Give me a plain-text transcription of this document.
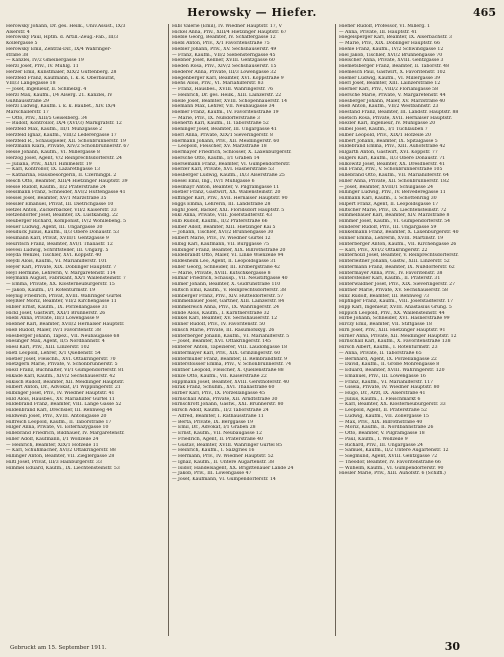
Herowsky — Hiefer.	465
Herowsky Johann, Dr. ges. Heilk., Univ.Assist., IX/3
Alserstr. 4
Herowsky Paul, Hptm. d. Artill.-Zeug.-Fab., III/3
Kollergasse 5
Herowsky Emil, Zentral-Dir., IX/4 Währinger-
straße 38
— Kanzlei, IV/2 Gmeinergasse 19
Herzl Josef, Priv., IV. Mühlg. 11
Herzer Emil, Kunstmaler, XIX/2 Guttenberg. 28
Herzfeld Franz, Kaufmann, I. k. k. Oberbaurat,
VIII/3 Langegasse 18
— Josef, Ingenieur, II. Schmelzg. 4
Herzl Max, Kaufm., I/4 Alserg. 21. Kanzlei, IV
Gußhausstraße 29
Herzl Ludwig, Kaufm. i. k. k. Baubet., XIV. IX/4
Marschallerstr. 17
— Otto, Priv., XIII/5 Geiselberg. 34
— Rudolf, Kontrollor, IX/4 (XVI/3) Markgrafstr. 12
Herzfeld Max, Kaufm., III/1 Münzgasse 2
Herzfeld Ignaz, Kaufm., VIII/2 Lederergasse 17
Herzfeld R., Schauspieler, XII. Schönbrunnerstr. 19
Herzmann Klara, Private, XIV/2 Schönbrunnerstr. 67
Hesse Johann, Kaufm., VI. Millergasse 8
Herzog Josef, Agent, V/2 Reinprechtsdorferstr. 24
— Juliana, Priv., XIX/1 Himmelstr. 19
— Karl, Kontrollor, IX. Lazarethgasse 13
— Katharina, Hausbesorgerin, II. Czerningpl. 2
Hesch Otto, Beamter, XIII/4 Hietzinger Hauptstr. 39
Hesse Rudolf, Kaufm., II/2 Praterstraße 24
Hessmann Franz, Schneider, XVI/2 Huttengasse 41
Hessel Josef, Beamter, XV/1 Märzstraße 35
Hessler Emanuel, Privat, III. Dietrichgasse 10
Hetzel Anton, Zuckerbäcker, VII/2 Kaiserstr. 33
Hetzendorfer Josef, Beamter, IX. Lustkandlg. 22
Heuberger Richard, Komponist, IV/2 Wohllebeng. 5
Heuer Ludwig, Agent, III. Ungargasse 30
Heuduck Julius, Kaufm., II/3 Obere Donaustr. 53
Heumann Karl, Privat, XVIII/1 Gentzgasse 9
Heuritsch Franz, Beamter, XVI/1 Thaliastr. 12
Hevesi Ludwig, Schriftsteller, III. Ungarg. 5
Heyda Wenzel, Tischler, XVI. Koppstr. 40
Heydl Alois, Kaufm., VI. Mariahilferstr. 101
Heyer Karl, Private, XIX. Döblinger Hauptstr. 7
Heyl Hermine, Lehrerin, V. Margaretenstr. 114
Heymann August, Fabrikant, XX/1 Wallensteinstr. 7
— Emma, Private, XX. Klosterneuburgerstr. 15
— Jakob, Kaufm., I/1 Rotenturmstr. 19
Heynig Friedrich, Privat, XVIII. Währinger Gürtel
Heyßler Moriz, Beamter, VII/2 Kirchengasse 11
Hibler Ernst, Kaufm., IX. Porzellangasse 31
Hickl Josef, Gastwirt, XXI/1 Brünnerstr. 26
Hiebl Anna, Private, III/3 Löwengasse 9
Hiebner Karl, Beamter, XVII/2 Hernalser Hauptstr.
Hieß Rudolf, Maler, IV/1 Favoritenstr. 38
Hiesberger Johann, Tapez., VII. Neubaugasse 68
Hiesinger Max, Agent, II/5 Nordbahnstr. 4
Hiesl Karl, Priv., XIII. Linzerstr. 102
Hietl Leopold, Lehrer, X/1 Quellenstr. 54
Hietler Josef, Fleischh., XVI. Ottakringerstr. 70
Hietzgern Marie, Private, V. Schönbrunnerstr. 5
Hiezl Franz, Buchhalter, VI/1 Gumpendorferstr. 81
Hikade Karl, Kaufm., XIV/2 Sechshauserstr. 42
Hikisch Rudolf, Beamter, XII. Meidlinger Hauptstr.
Hilbert Anton, Dr., Advokat, I/1 Wipplingerstr. 21
Hilbinger Josef, Priv., IV. Wiedner Hauptstr. 41
Hild Alois, Hausbes., XV. Mariahilfer Gürtel 11
Hildebrand Franz, Beamter, VIII. Lange Gasse 52
Hildenbrand Karl, Drechsler, III. Rennweg 44
Hildwein Josef, Priv., XVIII. Antonigasse 20
Hilfreich Leopold, Kaufm., II. Taborstraße 17
Hilger Anna, Private, VI. Esterhazygasse 10
Hillebrand Friedrich, Bildhauer, IV. Margaretenstr.
Hiller Adolf, Kaufmann, I/1 Wollzeile 24
— Heinrich, Beamter, XIX/1 Hofzeile 11
— Karl, Schuhmacher, XVI/2 Ottakringerstr. 88
Hillinger Anton, Beamter, VII. Zieglergasse 28
Hiltl Josef, Privat, III/3 Hainburgerstr. 33
Himmel Eduard, Kaufm., IX. Liechtensteinstr. 53
Hibl Valerie (Emil), IV. Wiedner Hauptstr. 17, V
Hickel Anna, Priv., XIII/4 Hietzinger Hauptstr. 67
Hieble Georg, Beamter, IV. Schäffergasse 12
Hiebl Anton, Priv., X/1 Favoritenstraße 75
Hiebler Johann, Priv., XV. Sechshauserstr. 49
— Franz, Kaufm., VII/2 Siebensterngasse 45
Hiebner Josef, Kellner, XVIII. Gentzgasse 60
Hieden Rosa, Priv., XIV/2 Sechshauserstr. 15
Hiederer Anna, Private, III/3 Löwengasse 32
Hiegenberger Karl, Beamter, XVI. Koppstraße 9
Hiehs Alois, Priv., VI. Mariahilferstr. 83
— Franz, Hausbes., XVIII. Währingerstr. 76
— Heinrich, Dr. ges. Heilk., XIII. Lainzerstr. 22
Hielle Josef, Beamter, XVIII. Schopenhauerstr. 14
Hiemann Max, Lehrer, VII. Neubaugasse 34
Hiemer Franz, Kaufm., IV. Favoritenstraße 19
— Marie, Priv., IX. Nußdorferstraße 3
Hienerth Karl, Kaufm., II. Taborstraße 52
Hieninger Josef, Beamter, III. Ungargasse 41
Hierl Anna, Private, XIX/1 Sieveringerstr. 8
Hiermann Johann, Priv., XII. Meidlingerstr. 60
— Leopold, Fleischer, XV. Märzstraße 18
Hiermayer Friedrich, Schlosser, X. Laxenburgerstr.
Hiersche Otto, Kaufm., I/1 Graben 14
Hiersemann Franz, Beamter, VI. Gumpendorferstr.
Hierzer Karl, Private, XVI. Hasnerstraße 53
Hiesberger Ludwig, Kaufm., IX/3 Alserstraße 25
Hiesel Emil, Ing., IV/1 Mühlgasse 6
Hiesmayr Anton, Beamter, V. Pilgramgasse 11
Hietler Franz, Gastwirt, XX. Wallensteinstr. 20
Hiffinger Karl, Priv., XVII. Hernalser Hauptstr. 90
Higgs Emma, Lehrerin, III. Landstraße 28
Highl Josef, Bäcker, XXI. Floridsdorf Hauptstr. 5
Hikl Anna, Private, VIII. Josefstädterstr. 43
Hilb Rudolf, Kaufm., II/2 Praterstraße 66
Hilber Adolf, Beamter, XIII. Hietzinger Kai 5
— Johann, Tischler, XVI/2 Brunnengasse 30
Hilbert Marie, Priv., IV. Wiedner Gürtel 12
Hilbig Karl, Kaufmann, VII. Burggasse 75
Hilbinger Franz, Beamter, XIX. Billrothstraße 20
Hildebrandt Otto, Maler, VI. Linke Wienzeile 94
Hildesheim Leo, Agent, II. Leopoldsgasse 31
Hiller Georg, Schneider, III. Erdbergstraße 42
— Marie, Private, XVIII. Kutschkergasse 8
Hilmar Friedrich, Schausp., VII. Neustiftgasse 40
Hilmer Johann, Beamter, X. Gudrunstraße 110
Hiltsch Emil, Kaufm., V. Reinprechtsdorferstr. 38
Himberger Franz, Priv., XIV. Hütteldorferstr. 57
Himmelbauer Josef, Gärtner, XIII. Lainzerstr. 84
Himmelreich Anna, Priv., IX. Währingerstr. 24
Hinde Alois, Kaufm., I. Kärntnerstraße 32
Hinkel Karl, Beamter, XV. Sechshauserstr. 12
Hinner Rudolf, Priv., IV. Favoritenstr. 50
Hinsch Marie, Private, III. Rasumofskyg. 26
Hinterberger Johann, Kaufm., VI. Mariahilferstr. 5
— Josef, Beamter, XVI. Ottakringerstr. 145
Hinterer Anton, Tapezierer, VIII. Laudongasse 18
Hintermayer Karl, Priv., XIX. Grinzingerstr. 60
Hintermüller Franz, Beamter, II. Rembrandtstr. 9
Hinterstoisser Emma, Priv., V. Schönbrunnerstr. 74
Hintner Leopold, Fleischer, X. Quellenstraße 88
Hinze Otto, Kaufm., VII. Kaiserstraße 22
Hippmann Josef, Beamter, XVIII. Gersthoferstr. 40
Hirak Franz, Schuhm., XVI. Thaliastraße 60
Hirber Karl, Priv., IX. Porzellangasse 45
Hirnschall Anna, Private, XII. Arndtstraße 30
Hirnschrott Johann, Gastw., XXI. Brünnerstr. 80
Hirsch Adolf, Kaufm., II/2 Taborstraße 24
— Alfred, Beamter, I. Rathausstraße 11
— Berta, Private, IX. Berggasse 19
— Emil, Dr., Advokat, I/1 Graben 28
— Ernst, Kaufm., VII. Neubaugasse 12
— Friedrich, Agent, II. Praterstraße 40
— Gustav, Beamter, XVIII. Währinger Gürtel 85
— Heinrich, Kaufm., I. Salzgries 16
— Hermann, Priv., IV. Wiedner Hauptstr. 52
— Ignaz, Kaufm., II. Untere Augartenstr. 38
— Isidor, Handelsagent, XX. Brigittenauer Lände 24
— Jakob, Priv., III. Löwengasse 47
— Josef, Kaufmann, VI. Gumpendorferstr. 14
Hiefler Rudolf, Professor, VI. Millerg. 1
— Anna, Private, III. Hauptstr. 41
Hiegelsperger Karl, Beamter, IX. Alserbachstr. 3
— Marie, Priv., XIX. Döblinger Hauptstr. 66
Hiehle Franz, Kaufm., IV/2 Schwindgasse 12
Hiel Jakob, Tischler, XVI/2 Brunnengasse 70
Hielscher Anna, Private, XVIII. Gentzgasse 3
Hiemetsberger Franz, Beamter, II. Taborstr. 48
Hiemesch Paul, Gastwirt, X. Favoritenstr. 102
Hiemer Ludwig, Kaufm., VI. Millergasse 39
Hierl Josef, Beamter, XIII. Lainzerstraße 12
Hierner Karl, Priv., VIII/2 Florianigasse 58
Hiersche Marie, Private, V. Margaretenstr. 44
Hiesberger Johann, Maler, XV. Märzstraße 40
Hieß Anton, Kaufm., VII/2 Westbahnstr. 23
Hiestand Franz, Beamter, III. Landstr. Hauptstr. 88
Hietsch Rosa, Private, XVII. Hernalser Hauptstr.
Hiezler Karl, Ingenieur, IV. Mühlgasse 20
Hilbel Josef, Kaufm., I/1 Tuchlauben 7
Hilber Leopold, Priv., XIX/1 Hofzeile 20
Hilbert Johann, Beamter, IX. Spitalgasse 5
Hildebrand Emma, Priv., XIII. Auhofstraße 42
Hilgarth Anton, Gastwirt, XVI. Koppstr. 77
Hilgers Karl, Kaufm., II/3 Obere Donaustr. 71
Hilkowitz Josef, Beamter, XX. Dresdnerstr. 41
Hill Franz, Priv., V. Schönbrunnerstraße 105
Hillebrand Otto, Kaufm., VII. Mariahilferstr. 64
Hiller Anna, Private, XII. Schönbrunnerstr. 182
— Josef, Beamter, XVIII/1 Schulgasse 24
Hillinger Ludwig, Priv., IV. Belvederegasse 11
Hillmann Karl, Kaufm., I. Schottenring 30
Hilpert Franz, Agent, II. Leopoldsgasse 17
Hiltscher Marie, Priv., IX. Liechtensteinstr. 72
Himmelbauer Karl, Beamter, XIV. Märzstraße 8
Himmer Josef, Kaufm., VI. Gumpendorferstr. 54
Hinderer Rudolf, Priv., III. Ungargasse 59
Hinkelmann Franz, Beamter, X. Laxenburgerstr. 40
Hinner Emma, Lehrerin, XVIII. Martinstr. 19
Hinterberger Anton, Kaufm., VII. Kirchengasse 26
— Karl, Priv., XVI/2 Ottakringerstr. 22
Hinterhölzl Josef, Beamter, V. Reinprechtsdorferstr.
Hinterleitner Johann, Gastw., XIII. Linzerstr. 52
Hintermann Franz, Beamter, IX. Nußdorferstr. 62
Hintermayer Anna, Priv., IV. Favoritenstr. 38
Hintersteiner Karl, Kaufm., II. Praterstr. 31
Hinterwaldner Josef, Priv., XIX. Sieveringerstr. 27
Hintner Marie, Private, XV. Sechshauserstr. 58
Hinz Rudolf, Beamter, III. Rennweg 73
Hipfinger Franz, Kaufm., VIII. Josefstädterstr. 17
Hipp Karl, Ingenieur, XVIII. Anastasius Grüng. 5
Hippich Leopold, Priv., XX. Wallensteinstr. 44
Hirbe Johann, Schneider, XVI. Hasnerstraße 99
Hirczy Emil, Beamter, VII. Stiftgasse 18
Hirn Josef, Priv., XIII. Hietzinger Hauptstr. 91
Hirner Anna, Private, XII. Meidlinger Hauptstr. 12
Hirnschall Karl, Kaufm., X. Favoritenstraße 138
Hirsch Albert, Kaufm., I. Rotenturmstr. 23
— Anna, Private, II. Taborstraße 65
— Bernhard, Agent, IX. Porzellangasse 22
— David, Kaufm., II. Große Mohrengasse 8
— Eduard, Beamter, XVIII. Währingerstr. 120
— Emanuel, Priv., III. Löwengasse 16
— Franz, Kaufm., VI. Mariahilferstr. 117
— Gisela, Private, IV. Wiedner Hauptstr. 80
— Hugo, Dr., Arzt, IX. Alserstraße 41
— Julius, Kaufm., I. Fleischmarkt 6
— Karl, Beamter, XX. Klosterneuburgerstr. 33
— Leopold, Agent, II. Praterstraße 52
— Ludwig, Kaufm., VII. Zollergasse 15
— Max, Priv., XIX. Billrothstraße 40
— Moriz, Kaufm., II. Nordbahnstraße 26
— Otto, Beamter, V. Pilgramgasse 18
— Paul, Kaufm., I. Wollzeile 9
— Richard, Priv., III. Ungargasse 24
— Samuel, Kaufm., II/2 Untere Augartenstr. 12
— Siegmund, Agent, XVIII. Gentzgasse 72
— Theodor, Beamter, IV. Favoritenstraße 66
— Wilhelm, Kaufm., VI. Gumpendorferstr. 90
Hiesler Marie, Priv., XIII. Auhofstr. 6 (Schiffl.)
Gebruckt am 15. September 1911.	30
